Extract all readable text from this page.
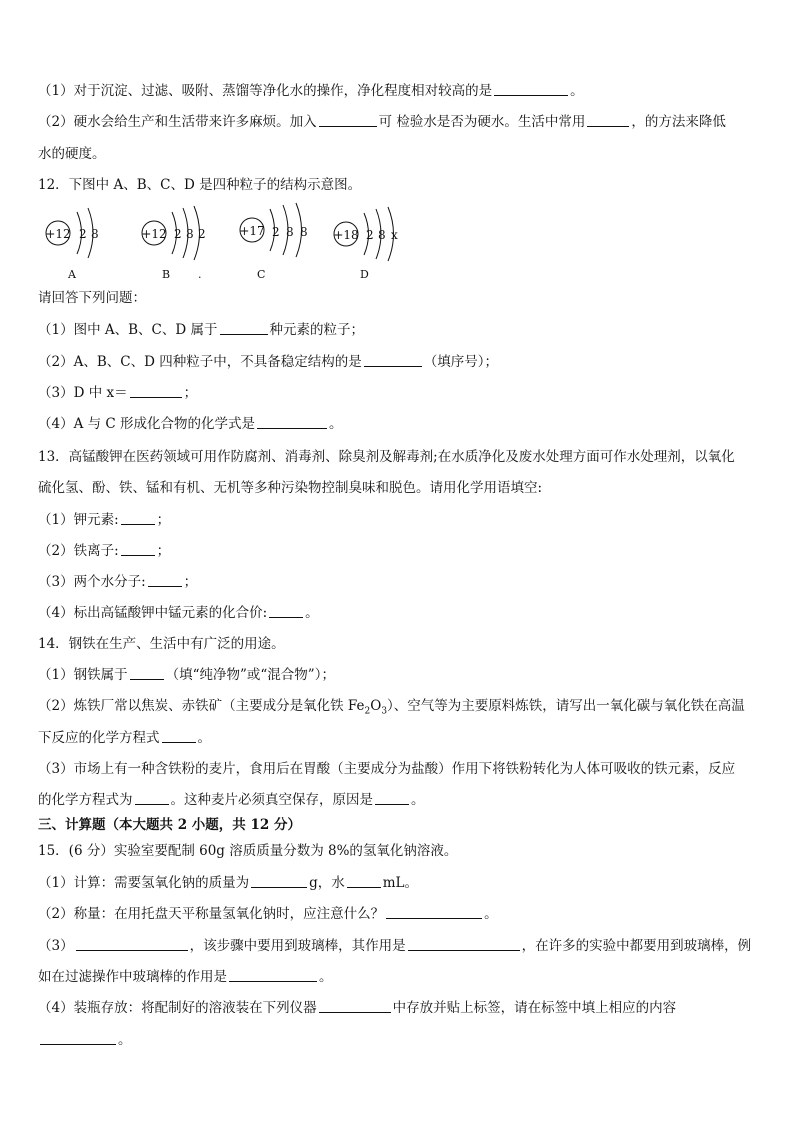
（1）对于沉淀、过滤、吸附、蒸馏等净化水的操作，净化程度相对较高的是	。
（2）硬水会给生产和生活带来许多麻烦。加入	可 检验水是否为硬水。生活中常用	，的方法来降低
水的硬度。
12．下图中 A、B、C、D 是四种粒子的结构示意图。
+12 2 8
A
+12 2 8 2
B	.
+17 2 8 8
C
+18 2 8 x
D
请回答下列问题：
（1）图中 A、B、C、D 属于	种元素的粒子；
（2）A、B、C、D 四种粒子中，不具备稳定结构的是	（填序号）；
（3）D 中 x＝	；
（4）A 与 C 形成化合物的化学式是	。
13．高锰酸钾在医药领域可用作防腐剂、消毒剂、除臭剂及解毒剂;在水质净化及废水处理方面可作水处理剂，以氧化
硫化氢、酚、铁、锰和有机、无机等多种污染物控制臭味和脱色。请用化学用语填空:
（1）钾元素:	；
（2）铁离子:	；
（3）两个水分子:	；
（4）标出高锰酸钾中锰元素的化合价:	。
14．钢铁在生产、生活中有广泛的用途。
（1）钢铁属于	（填“纯净物”或“混合物”）；
（2）炼铁厂常以焦炭、赤铁矿（主要成分是氧化铁 $Fe_2O_3$）、空气等为主要原料炼铁，请写出一氧化碳与氧化铁在高温
下反应的化学方程式	。
（3）市场上有一种含铁粉的麦片，食用后在胃酸（主要成分为盐酸）作用下将铁粉转化为人体可吸收的铁元素，反应
的化学方程式为	。这种麦片必须真空保存，原因是	。
三、计算题（本大题共 2 小题，共 12 分）
15．(6 分）实验室要配制 60g 溶质质量分数为 8%的氢氧化钠溶液。
（1）计算：需要氢氧化钠的质量为	g，水	mL。
（2）称量：在用托盘天平称量氢氧化钠时，应注意什么？	。
（3）	，该步骤中要用到玻璃棒，其作用是	，在许多的实验中都要用到玻璃棒，例
如在过滤操作中玻璃棒的作用是	。
（4）装瓶存放：将配制好的溶液装在下列仪器	中存放并贴上标签，请在标签中填上相应的内容
。
